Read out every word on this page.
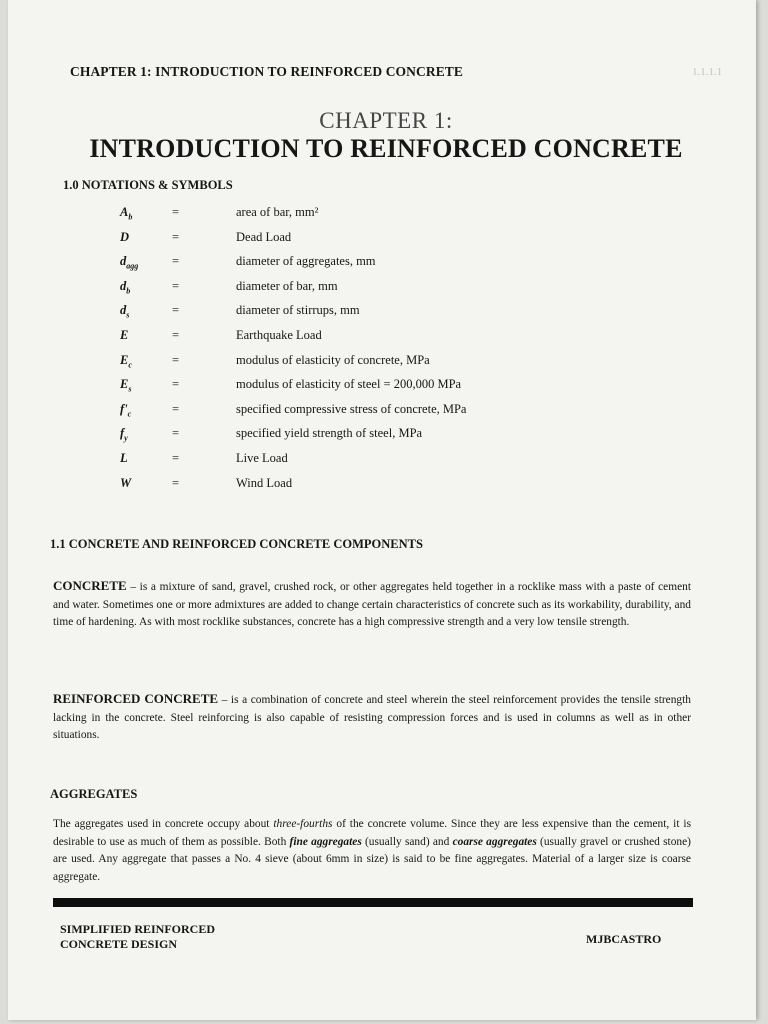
CHAPTER 1: INTRODUCTION TO REINFORCED CONCRETE	1.1.1.1
CHAPTER 1:
INTRODUCTION TO REINFORCED CONCRETE
1.0 NOTATIONS & SYMBOLS
$A_b$	=	area of bar, mm²
D	=	Dead Load
$d_{agg}$	=	diameter of aggregates, mm
$d_b$	=	diameter of bar, mm
$d_s$	=	diameter of stirrups, mm
E	=	Earthquake Load
$E_c$	=	modulus of elasticity of concrete, MPa
$E_s$	=	modulus of elasticity of steel = 200,000 MPa
$f'_c$	=	specified compressive stress of concrete, MPa
$f_y$	=	specified yield strength of steel, MPa
L	=	Live Load
W	=	Wind Load
1.1 CONCRETE AND REINFORCED CONCRETE COMPONENTS
CONCRETE – is a mixture of sand, gravel, crushed rock, or other aggregates held together in a rocklike mass with a paste of cement and water. Sometimes one or more admixtures are added to change certain characteristics of concrete such as its workability, durability, and time of hardening. As with most rocklike substances, concrete has a high compressive strength and a very low tensile strength.
REINFORCED CONCRETE – is a combination of concrete and steel wherein the steel reinforcement provides the tensile strength lacking in the concrete. Steel reinforcing is also capable of resisting compression forces and is used in columns as well as in other situations.
AGGREGATES
The aggregates used in concrete occupy about three-fourths of the concrete volume. Since they are less expensive than the cement, it is desirable to use as much of them as possible. Both fine aggregates (usually sand) and coarse aggregates (usually gravel or crushed stone) are used. Any aggregate that passes a No. 4 sieve (about 6mm in size) is said to be fine aggregates. Material of a larger size is coarse aggregate.
SIMPLIFIED REINFORCED
CONCRETE DESIGN	MJBCASTRO
